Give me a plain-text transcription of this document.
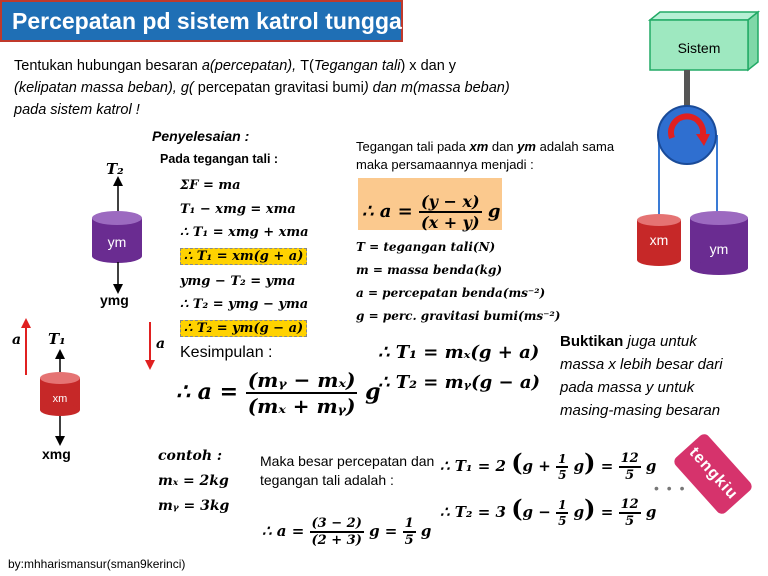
Percepatan pd sistem katrol tunggal
Tentukan hubungan besaran a(percepatan), T(Tegangan tali) x dan y
(kelipatan massa beban), g( percepatan gravitasi bumi) dan m(massa beban)
pada sistem katrol !
Sistem
xm
ym
T₂
ym
ymg
a T₁	a
xm
xmg
Penyelesaian :
Pada tegangan tali :
ΣF = ma
T₁ − xmg = xma
∴ T₁ = xmg + xma
∴ T₁ = xm(g + a)
ymg − T₂ = yma
∴ T₂ = ymg − yma
∴ T₂ = ym(g − a)
Tegangan tali pada xm dan ym adalah sama maka persamaannya menjadi :
∴ $a = \frac{(y - x)}{(x + y)}$ g
T = tegangan tali(N)
m = massa benda(kg)
a = percepatan benda(ms⁻²)
g = perc. gravitasi bumi(ms⁻²)
Kesimpulan :
∴ $a = \frac{\text{(mᵧ − mₓ)}}{\text{(mₓ + mᵧ)}}$ g
∴ T₁ = mₓ(g + a)
∴ T₂ = mᵧ(g − a)
Buktikan juga untuk
massa x lebih besar dari
pada massa y untuk
masing-masing besaran
contoh :
mₓ = 2kg
mᵧ = 3kg
Maka besar percepatan dan tegangan tali adalah :
∴ $a = \frac{(3 - 2)}{(2 + 3)}$ $g = \frac{1}{5}$ g
∴ T₁ = 2 $(g + \frac{1}{5} g) = \frac{12}{5}$ g
∴ T₂ = 3 $(g - \frac{1}{5} g) = \frac{12}{5}$ g
• • • tengkiu
by:mhharismansur(sman9kerinci)
